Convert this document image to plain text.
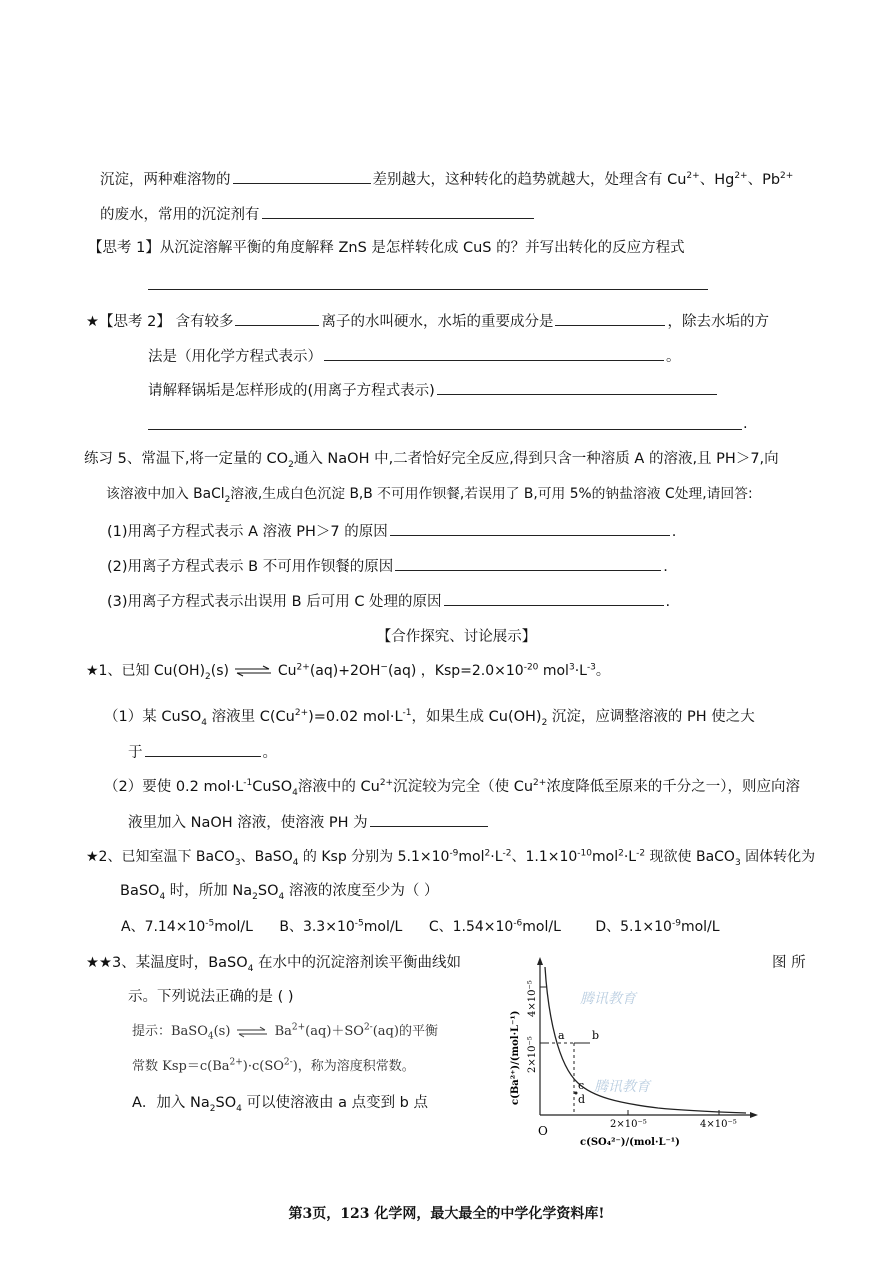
沉淀，两种难溶物的	差别越大，这种转化的趋势就越大，处理含有 $Cu^{2+}$、$Hg^{2+}$、$Pb^{2+}$
的废水，常用的沉淀剂有
【思考 1】从沉淀溶解平衡的角度解释 ZnS 是怎样转化成 CuS 的？并写出转化的反应方程式
★【思考 2】 含有较多	离子的水叫硬水，水垢的重要成分是	，除去水垢的方
法是（用化学方程式表示）	。
请解释锅垢是怎样形成的(用离子方程式表示)
.
练习 5、常温下,将一定量的 $CO_2$通入 NaOH 中,二者恰好完全反应,得到只含一种溶质 A 的溶液,且 PH＞7,向
该溶液中加入 BaCl$_2$溶液,生成白色沉淀 B,B 不可用作钡餐,若误用了 B,可用 5%的钠盐溶液 C处理,请回答:
(1)用离子方程式表示 A 溶液 PH＞7 的原因	.
(2)用离子方程式表示 B 不可用作钡餐的原因	.
(3)用离子方程式表示出误用 B 后可用 C 处理的原因	.
【合作探究、讨论展示】
★1、已知 $Cu(OH)_2(s)$ ⇌ $Cu^{2+}(aq)+2OH^-(aq)$ ，$Ksp=2.0\times 10^{-20}$ $mol^3\cdot L^{-3}$。
（1）某 CuSO$_4$ 溶液里 $C(Cu^{2+})=0.02$ $mol\cdot L^{-1}$，如果生成 $Cu(OH)_2$ 沉淀，应调整溶液的 PH 使之大
于	。
（2）要使 0.2 $mol\cdot L^{-1}CuSO_4$溶液中的 $Cu^{2+}$沉淀较为完全（使 $Cu^{2+}$浓度降低至原来的千分之一），则应向溶
液里加入 NaOH 溶液，使溶液 PH 为
★2、已知室温下 BaCO$_3$、BaSO$_4$ 的 Ksp 分别为 $5.1\times 10^{-9}mol^2\cdot L^{-2}$、$1.1\times 10^{-10}mol^2\cdot L^{-2}$ 现欲使 BaCO$_3$ 固体转化为
BaSO$_4$ 时，所加 $Na_2SO_4$ 溶液的浓度至少为（ ）
A、$7.14\times 10^{-5}mol/L$ B、$3.3\times 10^{-5}mol/L$ C、$1.54\times 10^{-6}mol/L$ D、$5.1\times 10^{-9}mol/L$
★★3、某温度时，BaSO$_4$ 在水中的沉淀溶剂诶平衡曲线如	图 所
示。下列说法正确的是 ( )
提示：BaSO$_4$(s) $\rightleftharpoons Ba^{2+}(aq)+SO^{2-}(aq)$的平衡
常数 $Ksp=c(Ba^{2+})\cdot c(SO^{2-})$，称为溶度积常数。
A．加入 $Na_2SO_4$ 可以使溶液由 a 点变到 b 点
a b
c
d
O	2×10⁻⁵	4×10⁻⁵
4×10⁻⁵
2×10⁻⁵
c(Ba²⁺)/(mol·L⁻¹)
c(SO₄²⁻)/(mol·L⁻¹)
腾讯教育
腾讯教育
第3页，123 化学网，最大最全的中学化学资料库!
